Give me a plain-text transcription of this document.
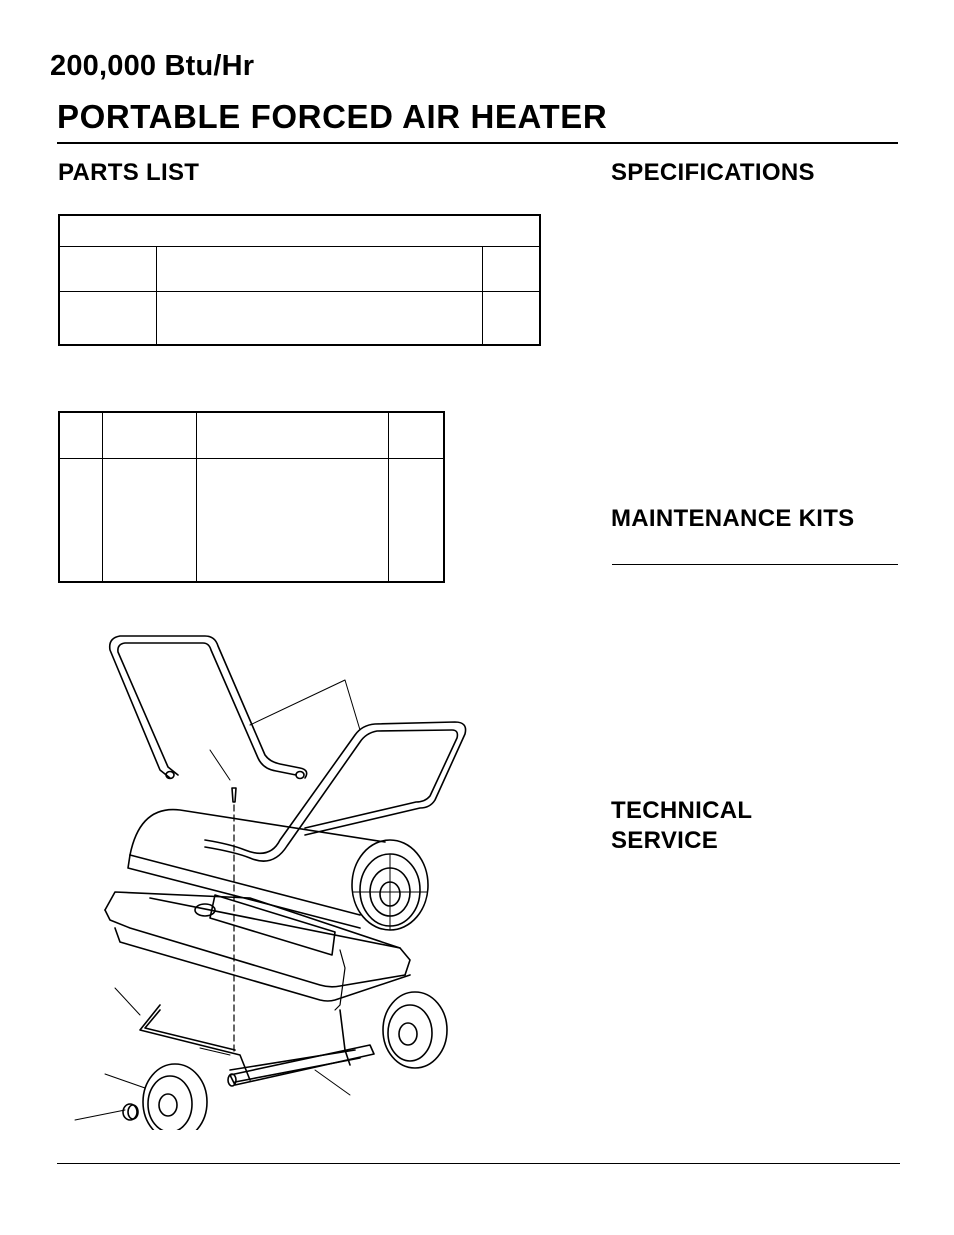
200,000 Btu/Hr
PORTABLE FORCED AIR HEATER
PARTS LIST	SPECIFICATIONS
MAINTENANCE KITS
TECHNICAL
SERVICE
